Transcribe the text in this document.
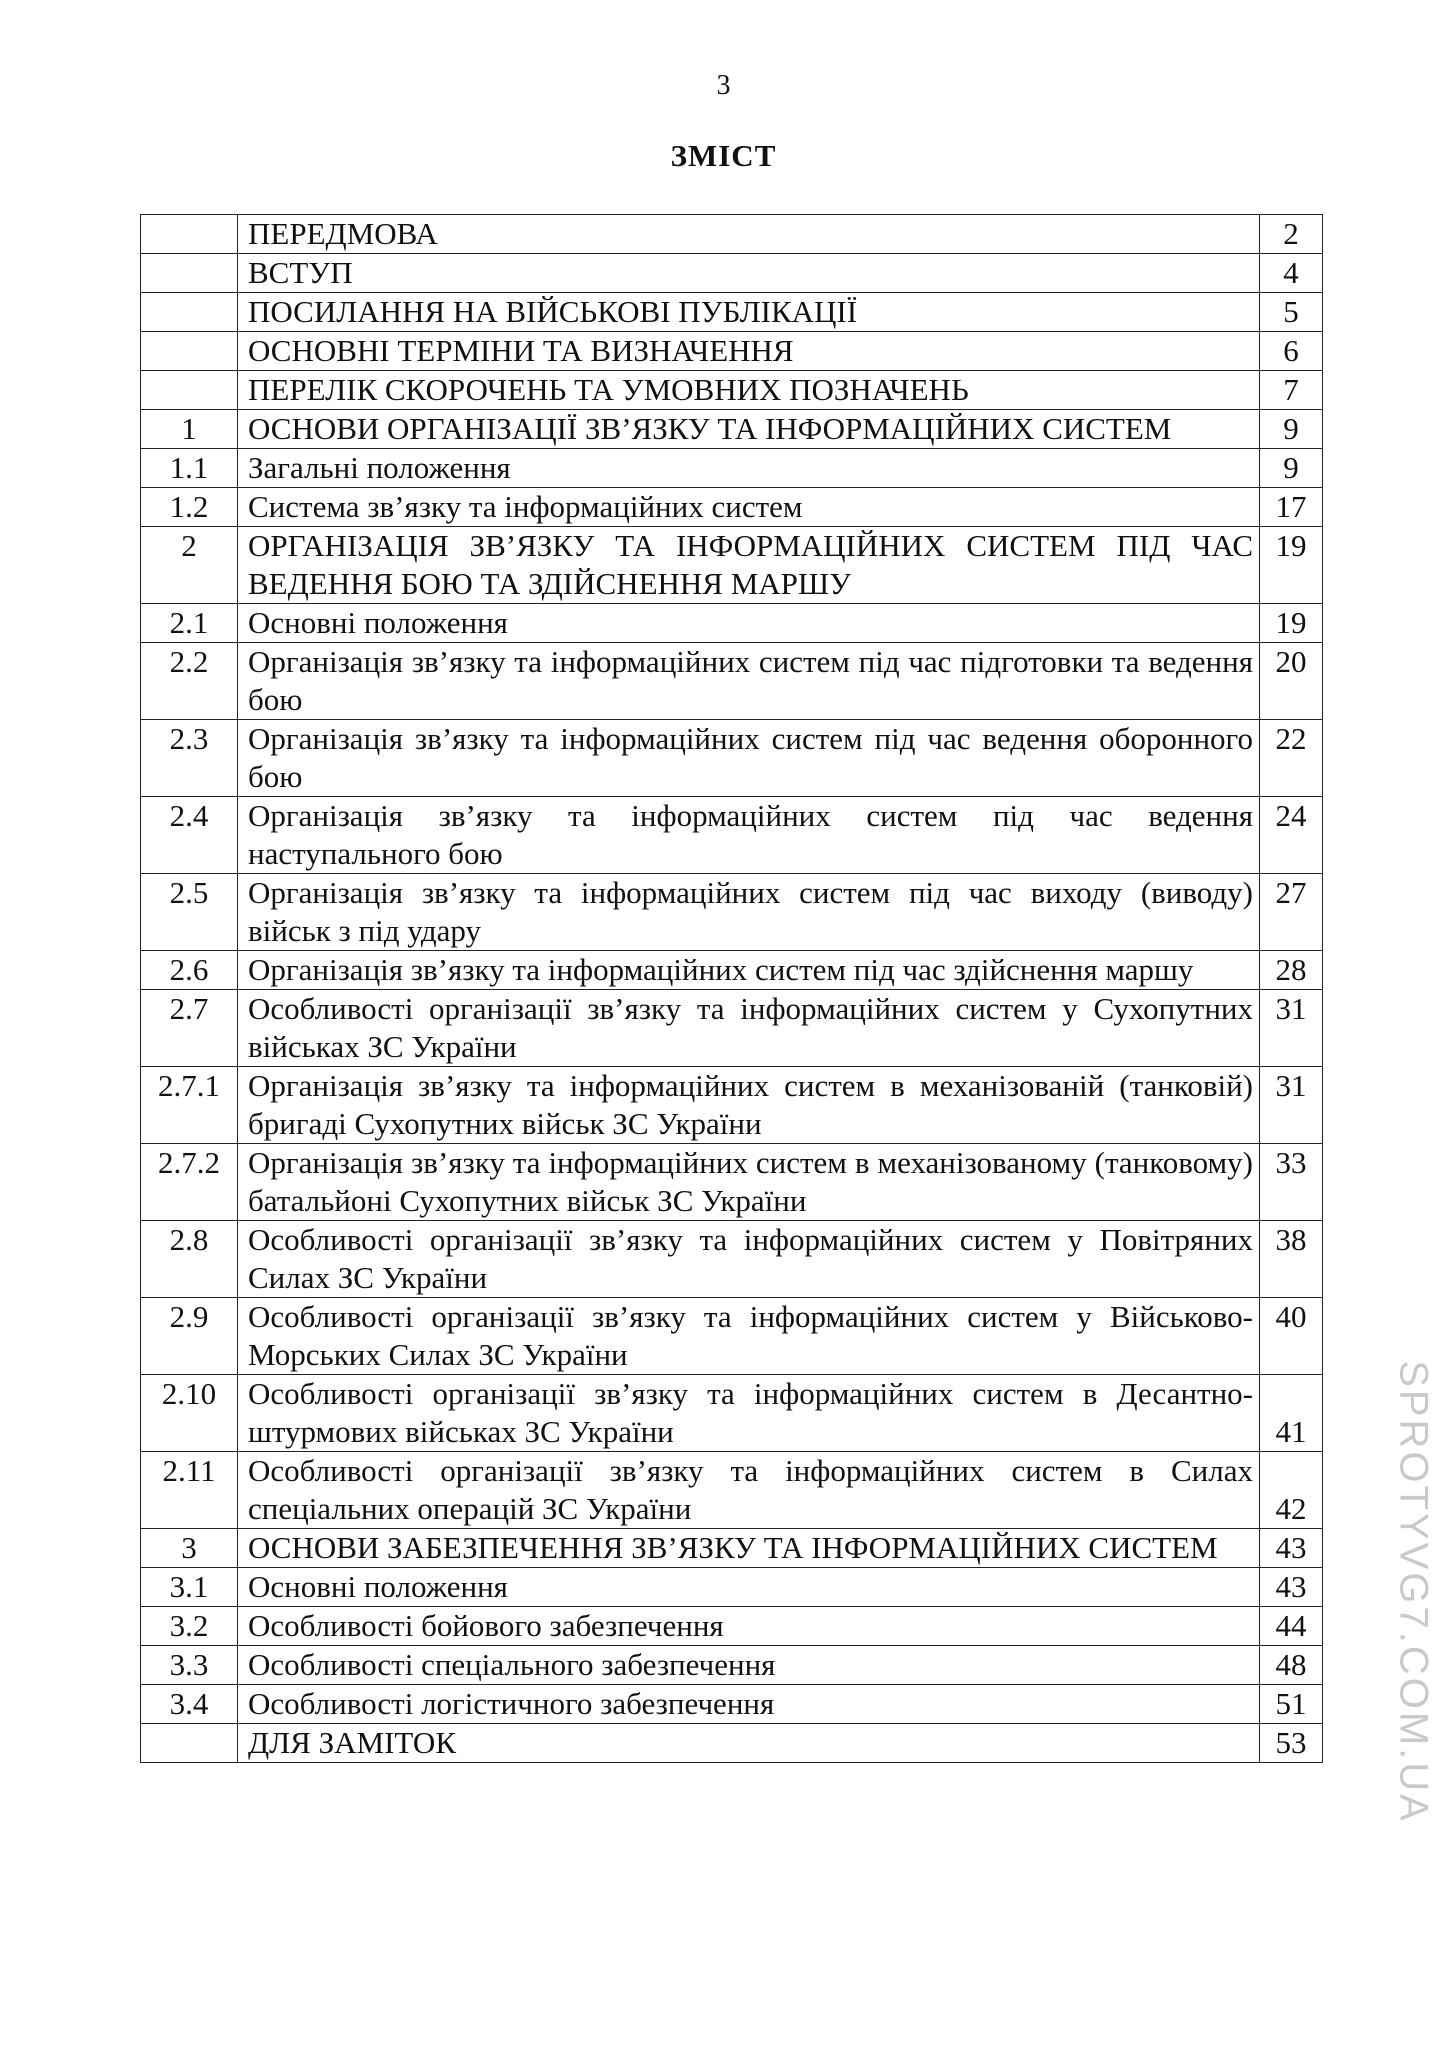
3
ЗМІСТ
	ПЕРЕДМОВА	2
	ВСТУП	4
	ПОСИЛАННЯ НА ВІЙСЬКОВІ ПУБЛІКАЦІЇ	5
	ОСНОВНІ ТЕРМІНИ ТА ВИЗНАЧЕННЯ	6
	ПЕРЕЛІК СКОРОЧЕНЬ ТА УМОВНИХ ПОЗНАЧЕНЬ	7
1	ОСНОВИ ОРГАНІЗАЦІЇ ЗВ’ЯЗКУ ТА ІНФОРМАЦІЙНИХ СИСТЕМ	9
1.1	Загальні положення	9
1.2	Система зв’язку та інформаційних систем	17
2	ОРГАНІЗАЦІЯ ЗВ’ЯЗКУ ТА ІНФОРМАЦІЙНИХ СИСТЕМ ПІД ЧАС ВЕДЕННЯ БОЮ ТА ЗДІЙСНЕННЯ МАРШУ	19
2.1	Основні положення	19
2.2	Організація зв’язку та інформаційних систем під час підготовки та ведення бою	20
2.3	Організація зв’язку та інформаційних систем під час ведення оборонного бою	22
2.4	Організація зв’язку та інформаційних систем під час ведення наступального бою	24
2.5	Організація зв’язку та інформаційних систем під час виходу (виводу) військ з під удару	27
2.6	Організація зв’язку та інформаційних систем під час здійснення маршу	28
2.7	Особливості організації зв’язку та інформаційних систем у Сухопутних військах ЗС України	31
2.7.1	Організація зв’язку та інформаційних систем в механізованій (танковій) бригаді Сухопутних військ ЗС України	31
2.7.2	Організація зв’язку та інформаційних систем в механізованому (танковому) батальйоні Сухопутних військ ЗС України	33
2.8	Особливості організації зв’язку та інформаційних систем у Повітряних Силах ЗС України	38
2.9	Особливості організації зв’язку та інформаційних систем у Військово-Морських Силах ЗС України	40
2.10	Особливості організації зв’язку та інформаційних систем в Десантно-штурмових військах ЗС України	41
2.11	Особливості організації зв’язку та інформаційних систем в Силах спеціальних операцій ЗС України	42
3	ОСНОВИ ЗАБЕЗПЕЧЕННЯ ЗВ’ЯЗКУ ТА ІНФОРМАЦІЙНИХ СИСТЕМ	43
3.1	Основні положення	43
3.2	Особливості бойового забезпечення	44
3.3	Особливості спеціального забезпечення	48
3.4	Особливості логістичного забезпечення	51
	ДЛЯ ЗАМІТОК	53 SPROTYVG7.COM.UA
